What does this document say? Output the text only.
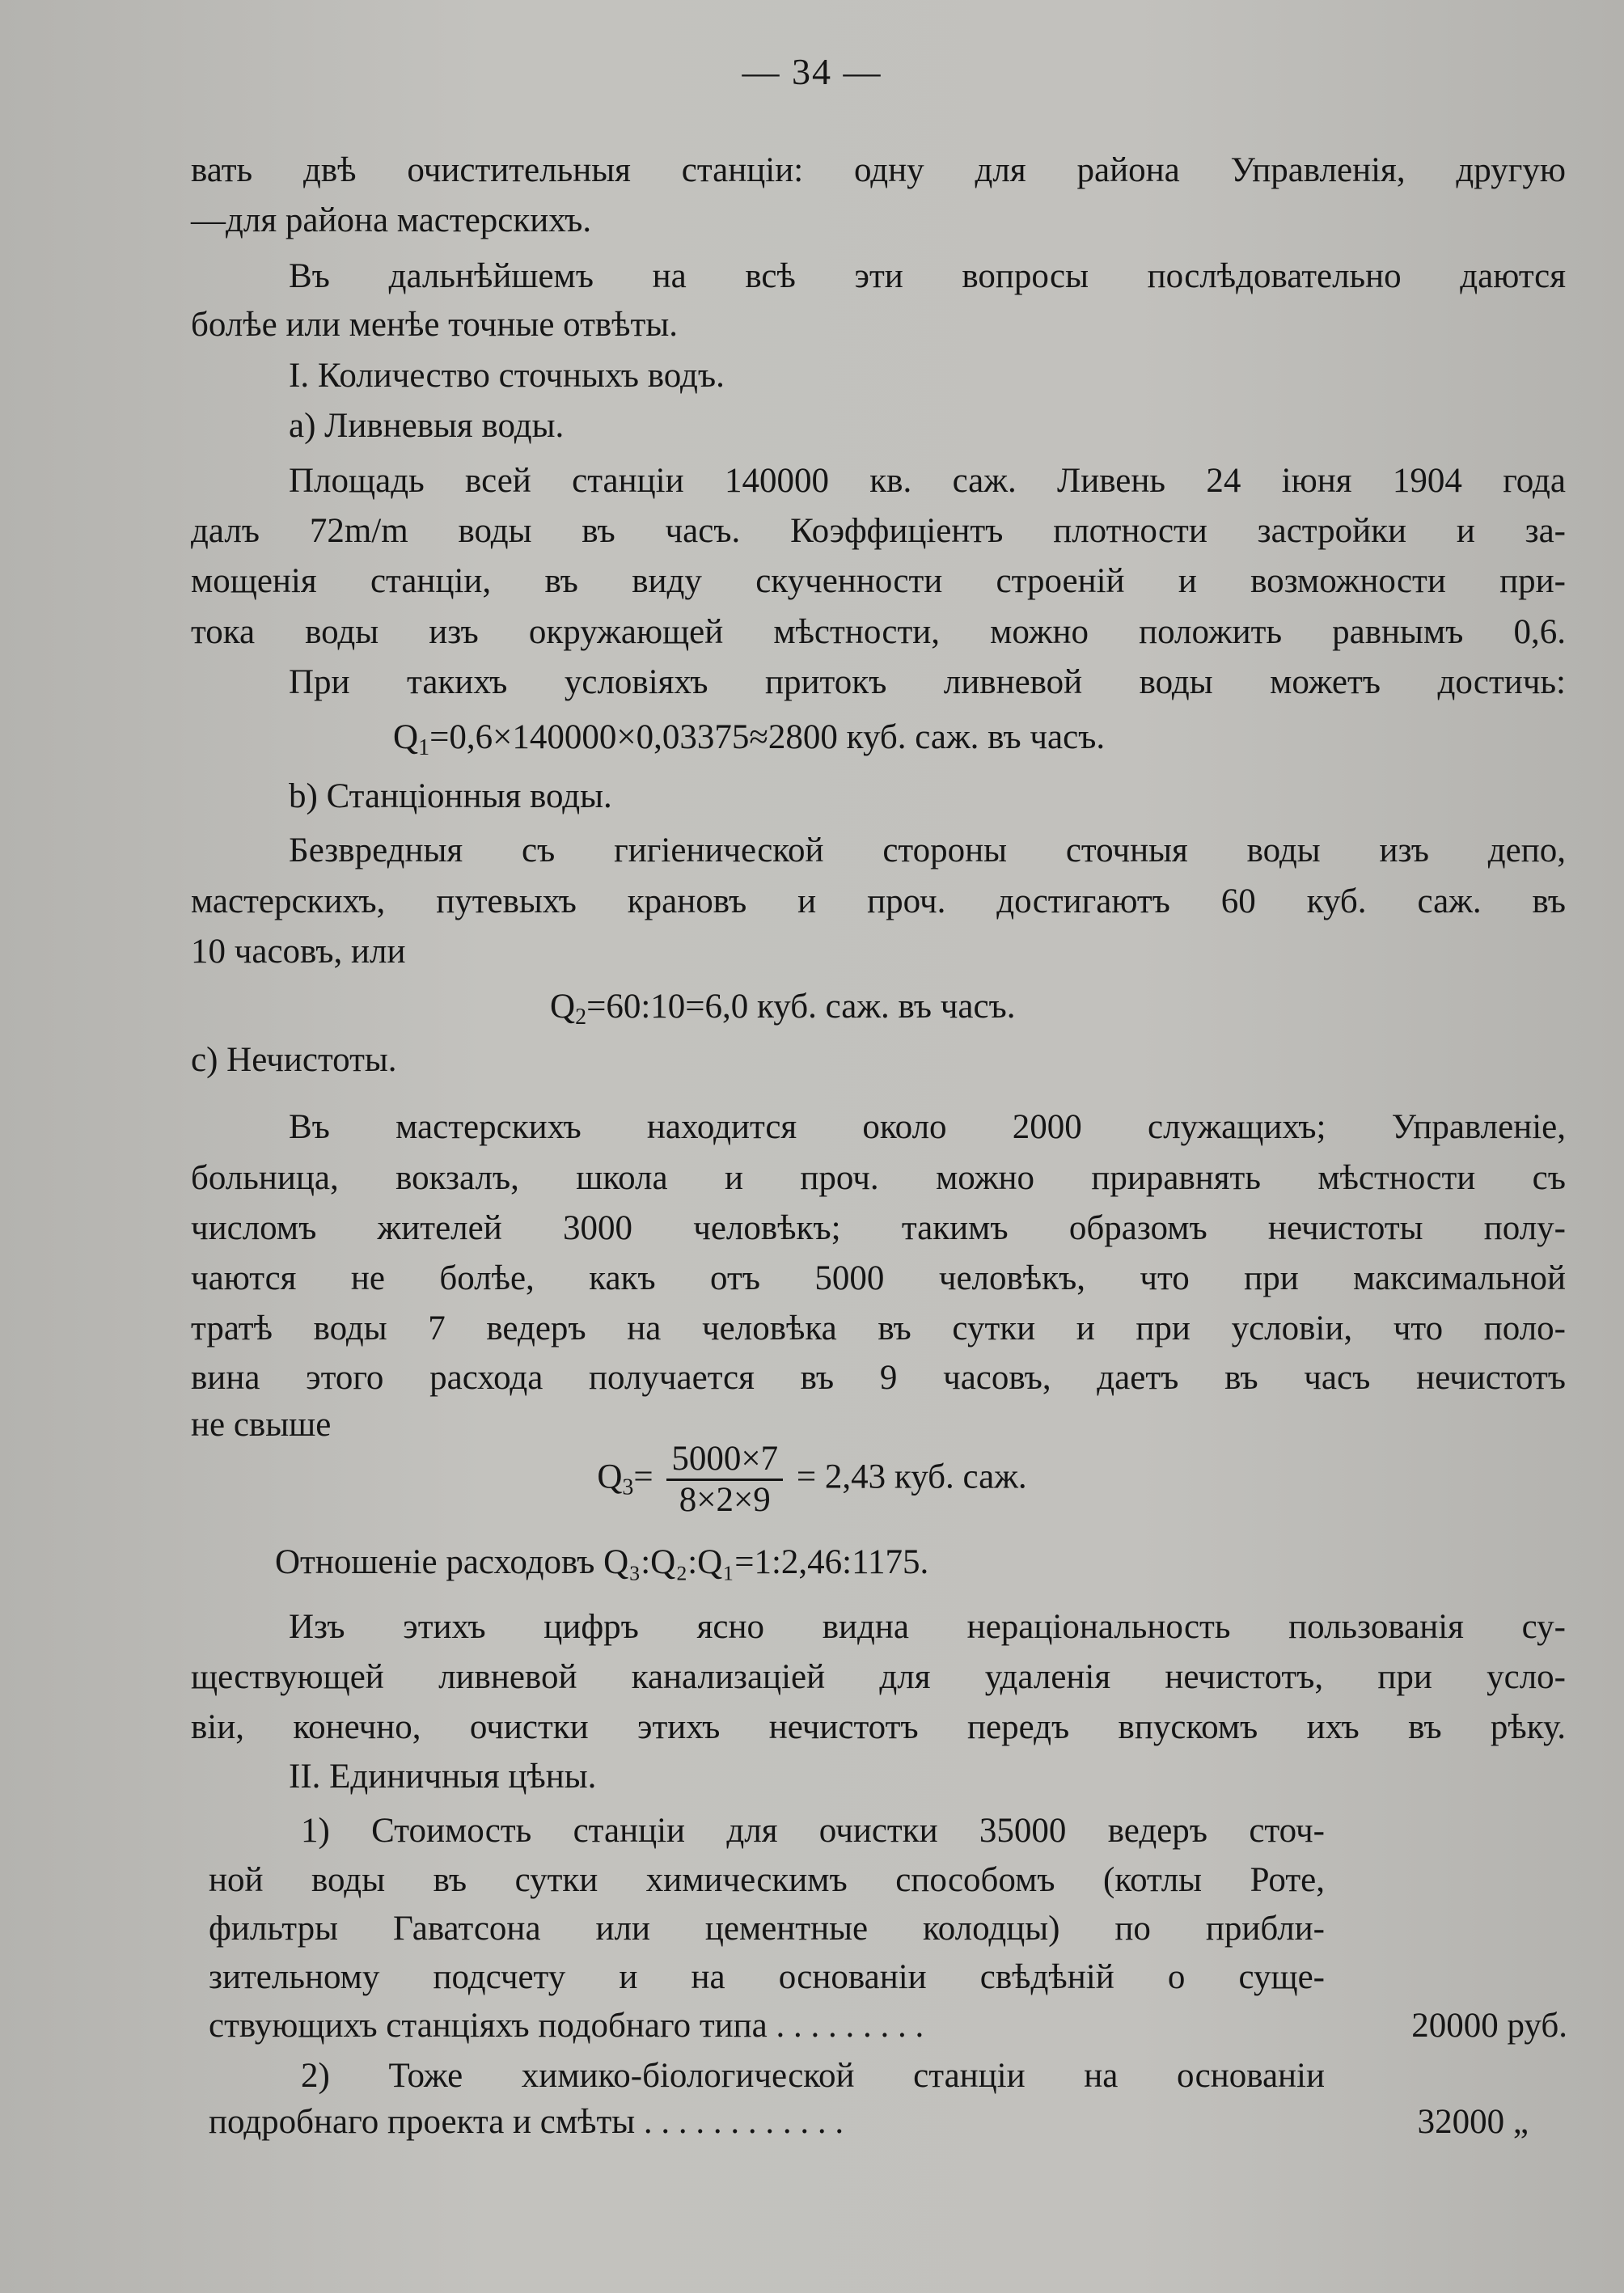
— 34 —
вать двѣ очистительныя станціи: одну для района Управленія, другую
—для района мастерскихъ.
Въ дальнѣйшемъ на всѣ эти вопросы послѣдовательно даются
болѣе или менѣе точные отвѣты.
I. Количество сточныхъ водъ.
a) Ливневыя воды.
Площадь всей станціи 140000 кв. саж. Ливень 24 іюня 1904 года
далъ 72m/m воды въ часъ. Коэффиціентъ плотности застройки и за-
мощенія станціи, въ виду скученности строеній и возможности при-
тока воды изъ окружающей мѣстности, можно положить равнымъ 0,6.
При такихъ условіяхъ притокъ ливневой воды можетъ достичь:
$Q_1=0,6\times 140000\times 0,03375\approx 2800$ куб. саж. въ часъ.
b) Станціонныя воды.
Безвредныя съ гигіенической стороны сточныя воды изъ депо,
мастерскихъ, путевыхъ крановъ и проч. достигаютъ 60 куб. саж. въ
10 часовъ, или
$Q_2=60:10=6,0$ куб. саж. въ часъ.
c) Нечистоты.
Въ мастерскихъ находится около 2000 служащихъ; Управленіе,
больница, вокзалъ, школа и проч. можно приравнять мѣстности съ
числомъ жителей 3000 человѣкъ; такимъ образомъ нечистоты полу-
чаются не болѣе, какъ отъ 5000 человѣкъ, что при максимальной
тратѣ воды 7 ведеръ на человѣка въ сутки и при условіи, что поло-
вина этого расхода получается въ 9 часовъ, даетъ въ часъ нечистотъ
не свыше
$Q_3= \frac{5000\times 7}{8\times 2\times 9} = 2,43$ куб. саж.
Отношеніе расходовъ Q₃:Q₂:Q₁=1:2,46:1175.
Изъ этихъ цифръ ясно видна нераціональность пользованія су-
ществующей ливневой канализаціей для удаленія нечистотъ, при усло-
віи, конечно, очистки этихъ нечистотъ передъ впускомъ ихъ въ рѣку.
II. Единичныя цѣны.
1) Стоимость станціи для очистки 35000 ведеръ сточ-
ной воды въ сутки химическимъ способомъ (котлы Роте,
фильтры Гаватсона или цементные колодцы) по прибли-
зительному подсчету и на основаніи свѣдѣній о суще-
ствующихъ станціяхъ подобнаго типа . . . . . . . . .	20000 руб.
2) Тоже химико-біологической станціи на основаніи
подробнаго проекта и смѣты . . . . . . . . . . . .	32000 „
